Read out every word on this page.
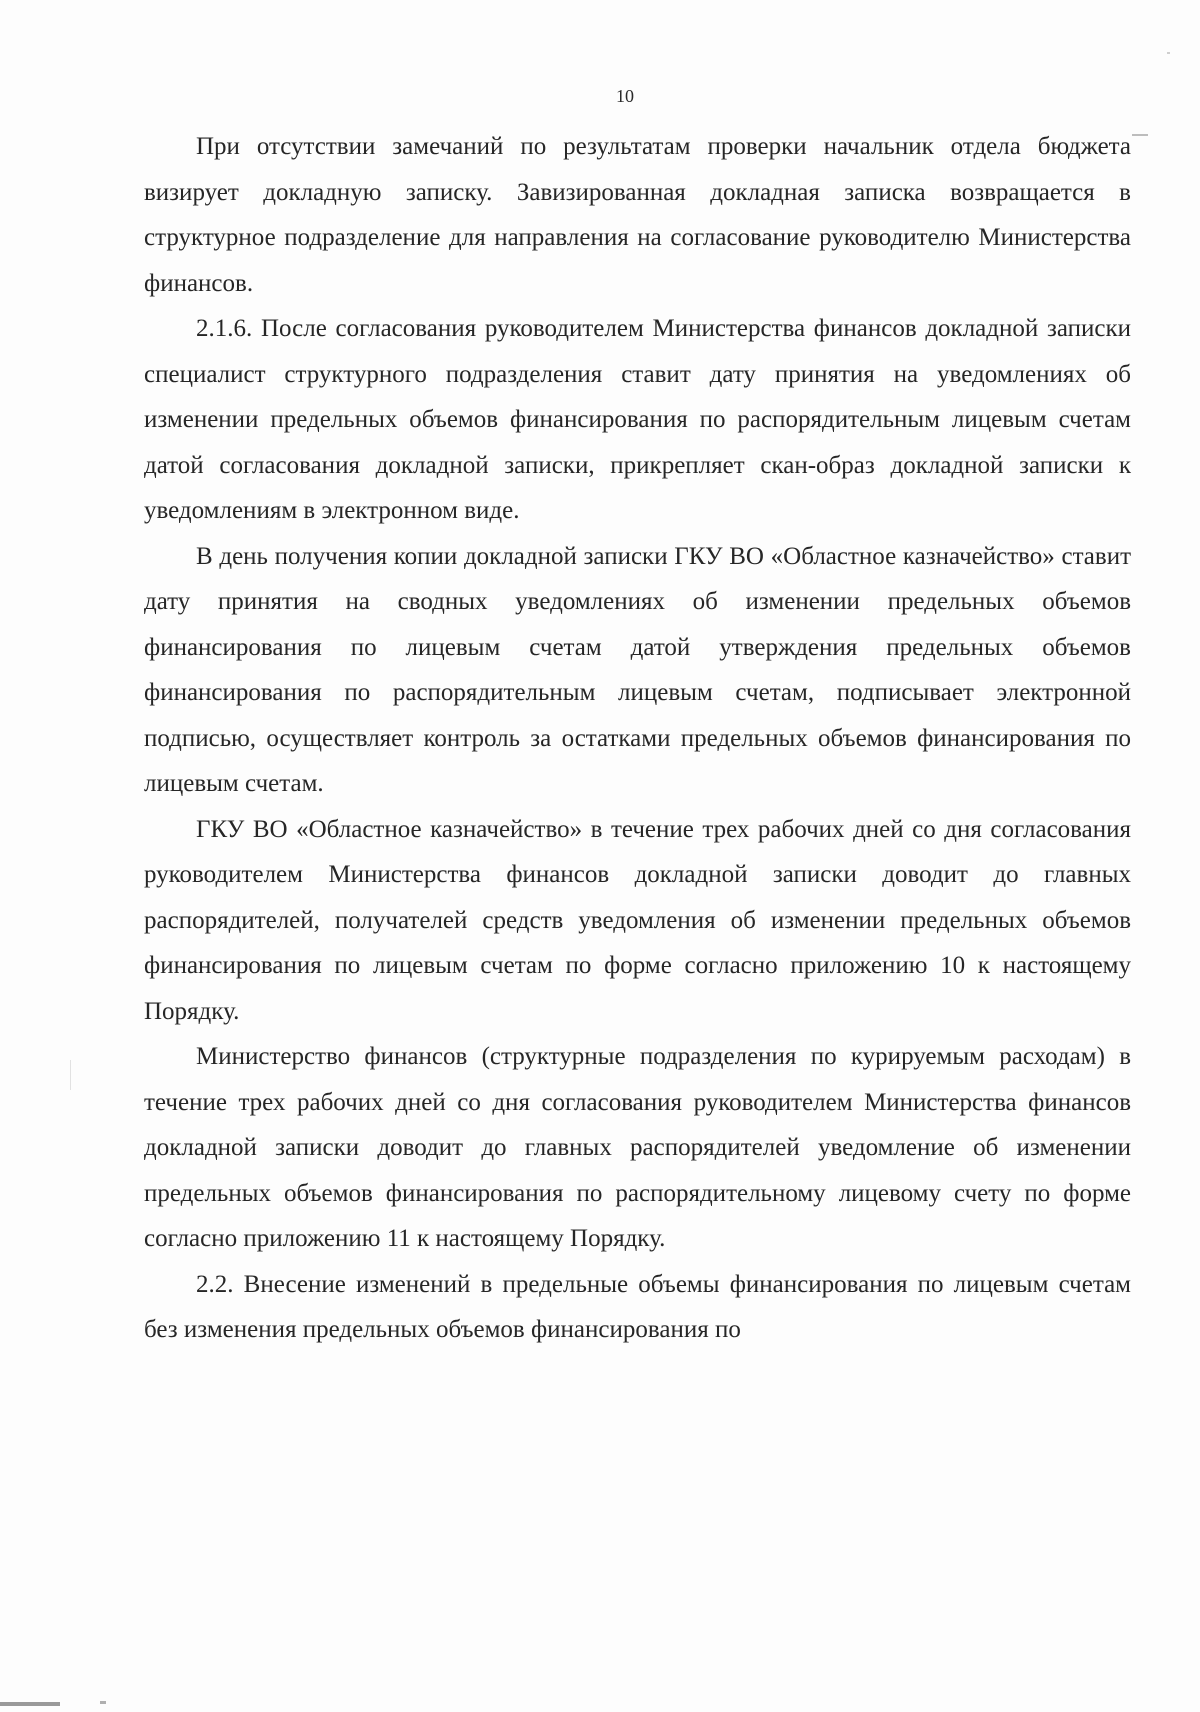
10

При отсутствии замечаний по результатам проверки начальник отдела бюджета визирует докладную записку. Завизированная докладная записка возвращается в структурное подразделение для направления на согласование руководителю Министерства финансов.

2.1.6. После согласования руководителем Министерства финансов докладной записки специалист структурного подразделения ставит дату принятия на уведомлениях об изменении предельных объемов финансирования по распорядительным лицевым счетам датой согласования докладной записки, прикрепляет скан-образ докладной записки к уведомлениям в электронном виде.

В день получения копии докладной записки ГКУ ВО «Областное казначейство» ставит дату принятия на сводных уведомлениях об изменении предельных объемов финансирования по лицевым счетам датой утверждения предельных объемов финансирования по распорядительным лицевым счетам, подписывает электронной подписью, осуществляет контроль за остатками предельных объемов финансирования по лицевым счетам.

ГКУ ВО «Областное казначейство» в течение трех рабочих дней со дня согласования руководителем Министерства финансов докладной записки доводит до главных распорядителей, получателей средств уведомления об изменении предельных объемов финансирования по лицевым счетам по форме согласно приложению 10 к настоящему Порядку.

Министерство финансов (структурные подразделения по курируемым расходам) в течение трех рабочих дней со дня согласования руководителем Министерства финансов докладной записки доводит до главных распорядителей уведомление об изменении предельных объемов финансирования по распорядительному лицевому счету по форме согласно приложению 11 к настоящему Порядку.

2.2. Внесение изменений в предельные объемы финансирования по лицевым счетам без изменения предельных объемов финансирования по
